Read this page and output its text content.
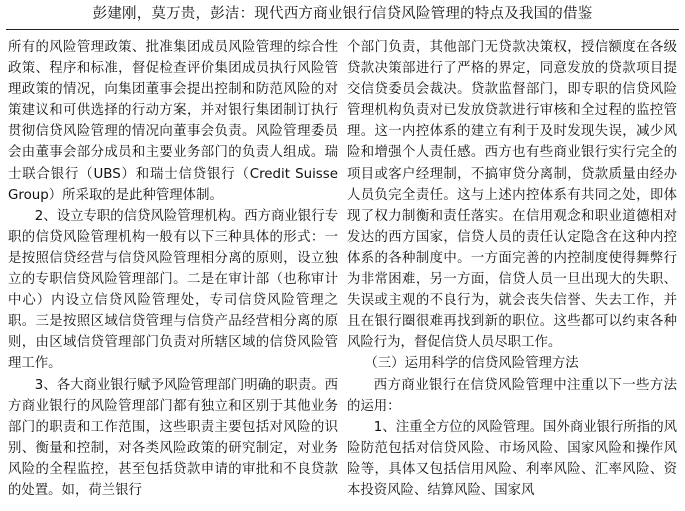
彭建刚，莫万贵，彭洁：现代西方商业银行信贷风险管理的特点及我国的借鉴

所有的风险管理政策、批准集团成员风险管理的综合性政策、程序和标准，督促检查评价集团成员执行风险管理政策的情况，向集团董事会提出控制和防范风险的对策建议和可供选择的行动方案，并对银行集团制订执行贯彻信贷风险管理的情况向董事会负责。风险管理委员会由董事会部分成员和主要业务部门的负责人组成。瑞士联合银行（UBS）和瑞士信贷银行（Credit Suisse Group）所采取的是此种管理体制。

2、设立专职的信贷风险管理机构。西方商业银行专职的信贷风险管理机构一般有以下三种具体的形式：一是按照信贷经营与信贷风险管理相分离的原则，设立独立的专职信贷风险管理部门。二是在审计部（也称审计中心）内设立信贷风险管理处，专司信贷风险管理之职。三是按照区域信贷管理与信贷产品经营相分离的原则，由区域信贷管理部门负责对所辖区域的信贷风险管理工作。

3、各大商业银行赋予风险管理部门明确的职责。西方商业银行的风险管理部门都有独立和区别于其他业务部门的职责和工作范围，这些职责主要包括对风险的识别、衡量和控制，对各类风险政策的研究制定，对业务风险的全程监控，甚至包括贷款申请的审批和不良贷款的处置。如，荷兰银行

个部门负责，其他部门无贷款决策权，授信额度在各级贷款决策部进行了严格的界定，同意发放的贷款项目提交信贷委员会裁决。贷款监督部门，即专职的信贷风险管理机构负责对已发放贷款进行审核和全过程的监控管理。这一内控体系的建立有利于及时发现失误，减少风险和增强个人责任感。西方也有些商业银行实行完全的项目或客户经理制，不搞审贷分离制，贷款质量由经办人员负完全责任。这与上述内控体系有共同之处，即体现了权力制衡和责任落实。在信用观念和职业道德相对发达的西方国家，信贷人员的责任认定隐含在这种内控体系的各种制度中。一方面完善的内控制度使得舞弊行为非常困难，另一方面，信贷人员一旦出现大的失职、失误或主观的不良行为，就会丧失信誉、失去工作，并且在银行圈很难再找到新的职位。这些都可以约束各种风险行为，督促信贷人员尽职工作。

（三）运用科学的信贷风险管理方法

西方商业银行在信贷风险管理中注重以下一些方法的运用：

1、注重全方位的风险管理。国外商业银行所指的风险防范包括对信贷风险、市场风险、国家风险和操作风险等，具体又包括信用风险、利率风险、汇率风险、资本投资风险、结算风险、国家风
